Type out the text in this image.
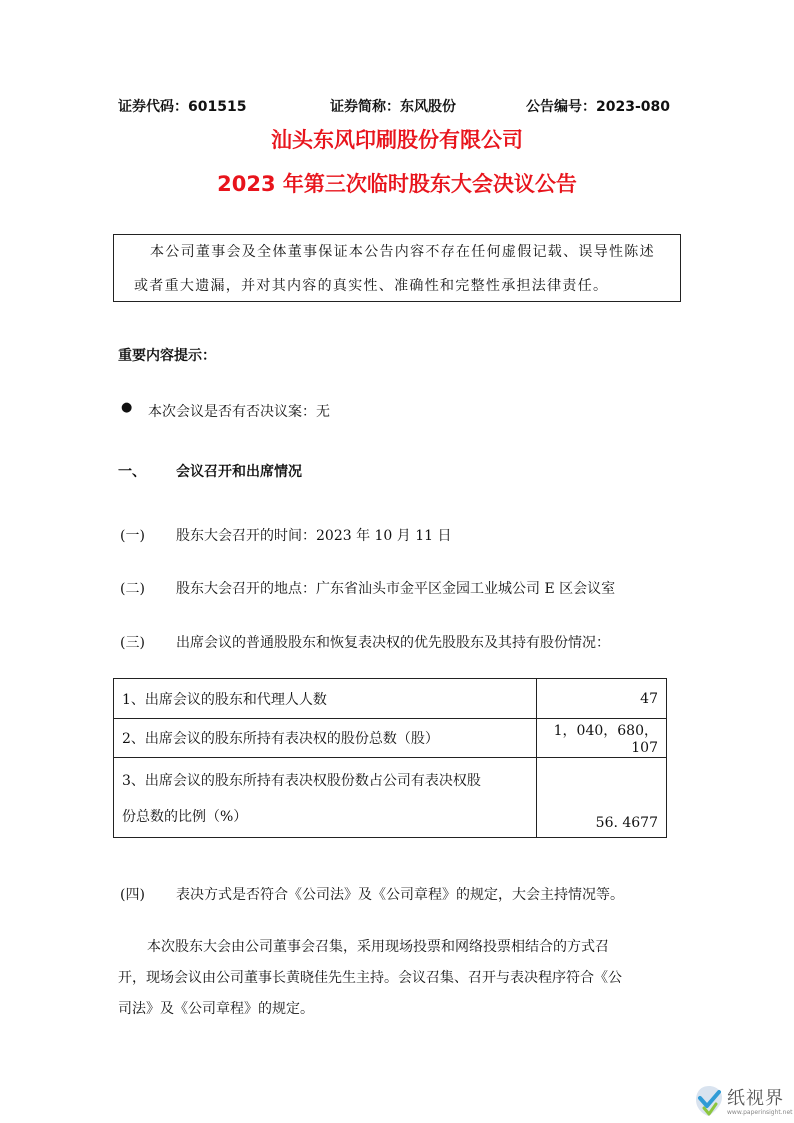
证券代码：601515	证券简称：东风股份	公告编号：2023-080
汕头东风印刷股份有限公司
2023 年第三次临时股东大会决议公告

本公司董事会及全体董事保证本公告内容不存在任何虚假记载、误导性陈述

或者重大遗漏，并对其内容的真实性、准确性和完整性承担法律责任。

重要内容提示：
● 本次会议是否有否决议案：无
一、 会议召开和出席情况
(一) 股东大会召开的时间：2023 年 10 月 11 日
(二) 股东大会召开的地点：广东省汕头市金平区金园工业城公司 E 区会议室
(三) 出席会议的普通股股东和恢复表决权的优先股股东及其持有股份情况：
1、出席会议的股东和代理人人数	47
2、出席会议的股东所持有表决权的股份总数（股）	1，040，680，107

3、出席会议的股东所持有表决权股份数占公司有表决权股
份总数的比例（%）	56. 4677
(四) 表决方式是否符合《公司法》及《公司章程》的规定，大会主持情况等。
本次股东大会由公司董事会召集，采用现场投票和网络投票相结合的方式召
开，现场会议由公司董事长黄晓佳先生主持。会议召集、召开与表决程序符合《公
司法》及《公司章程》的规定。
纸视界
www.paperinsight.net
